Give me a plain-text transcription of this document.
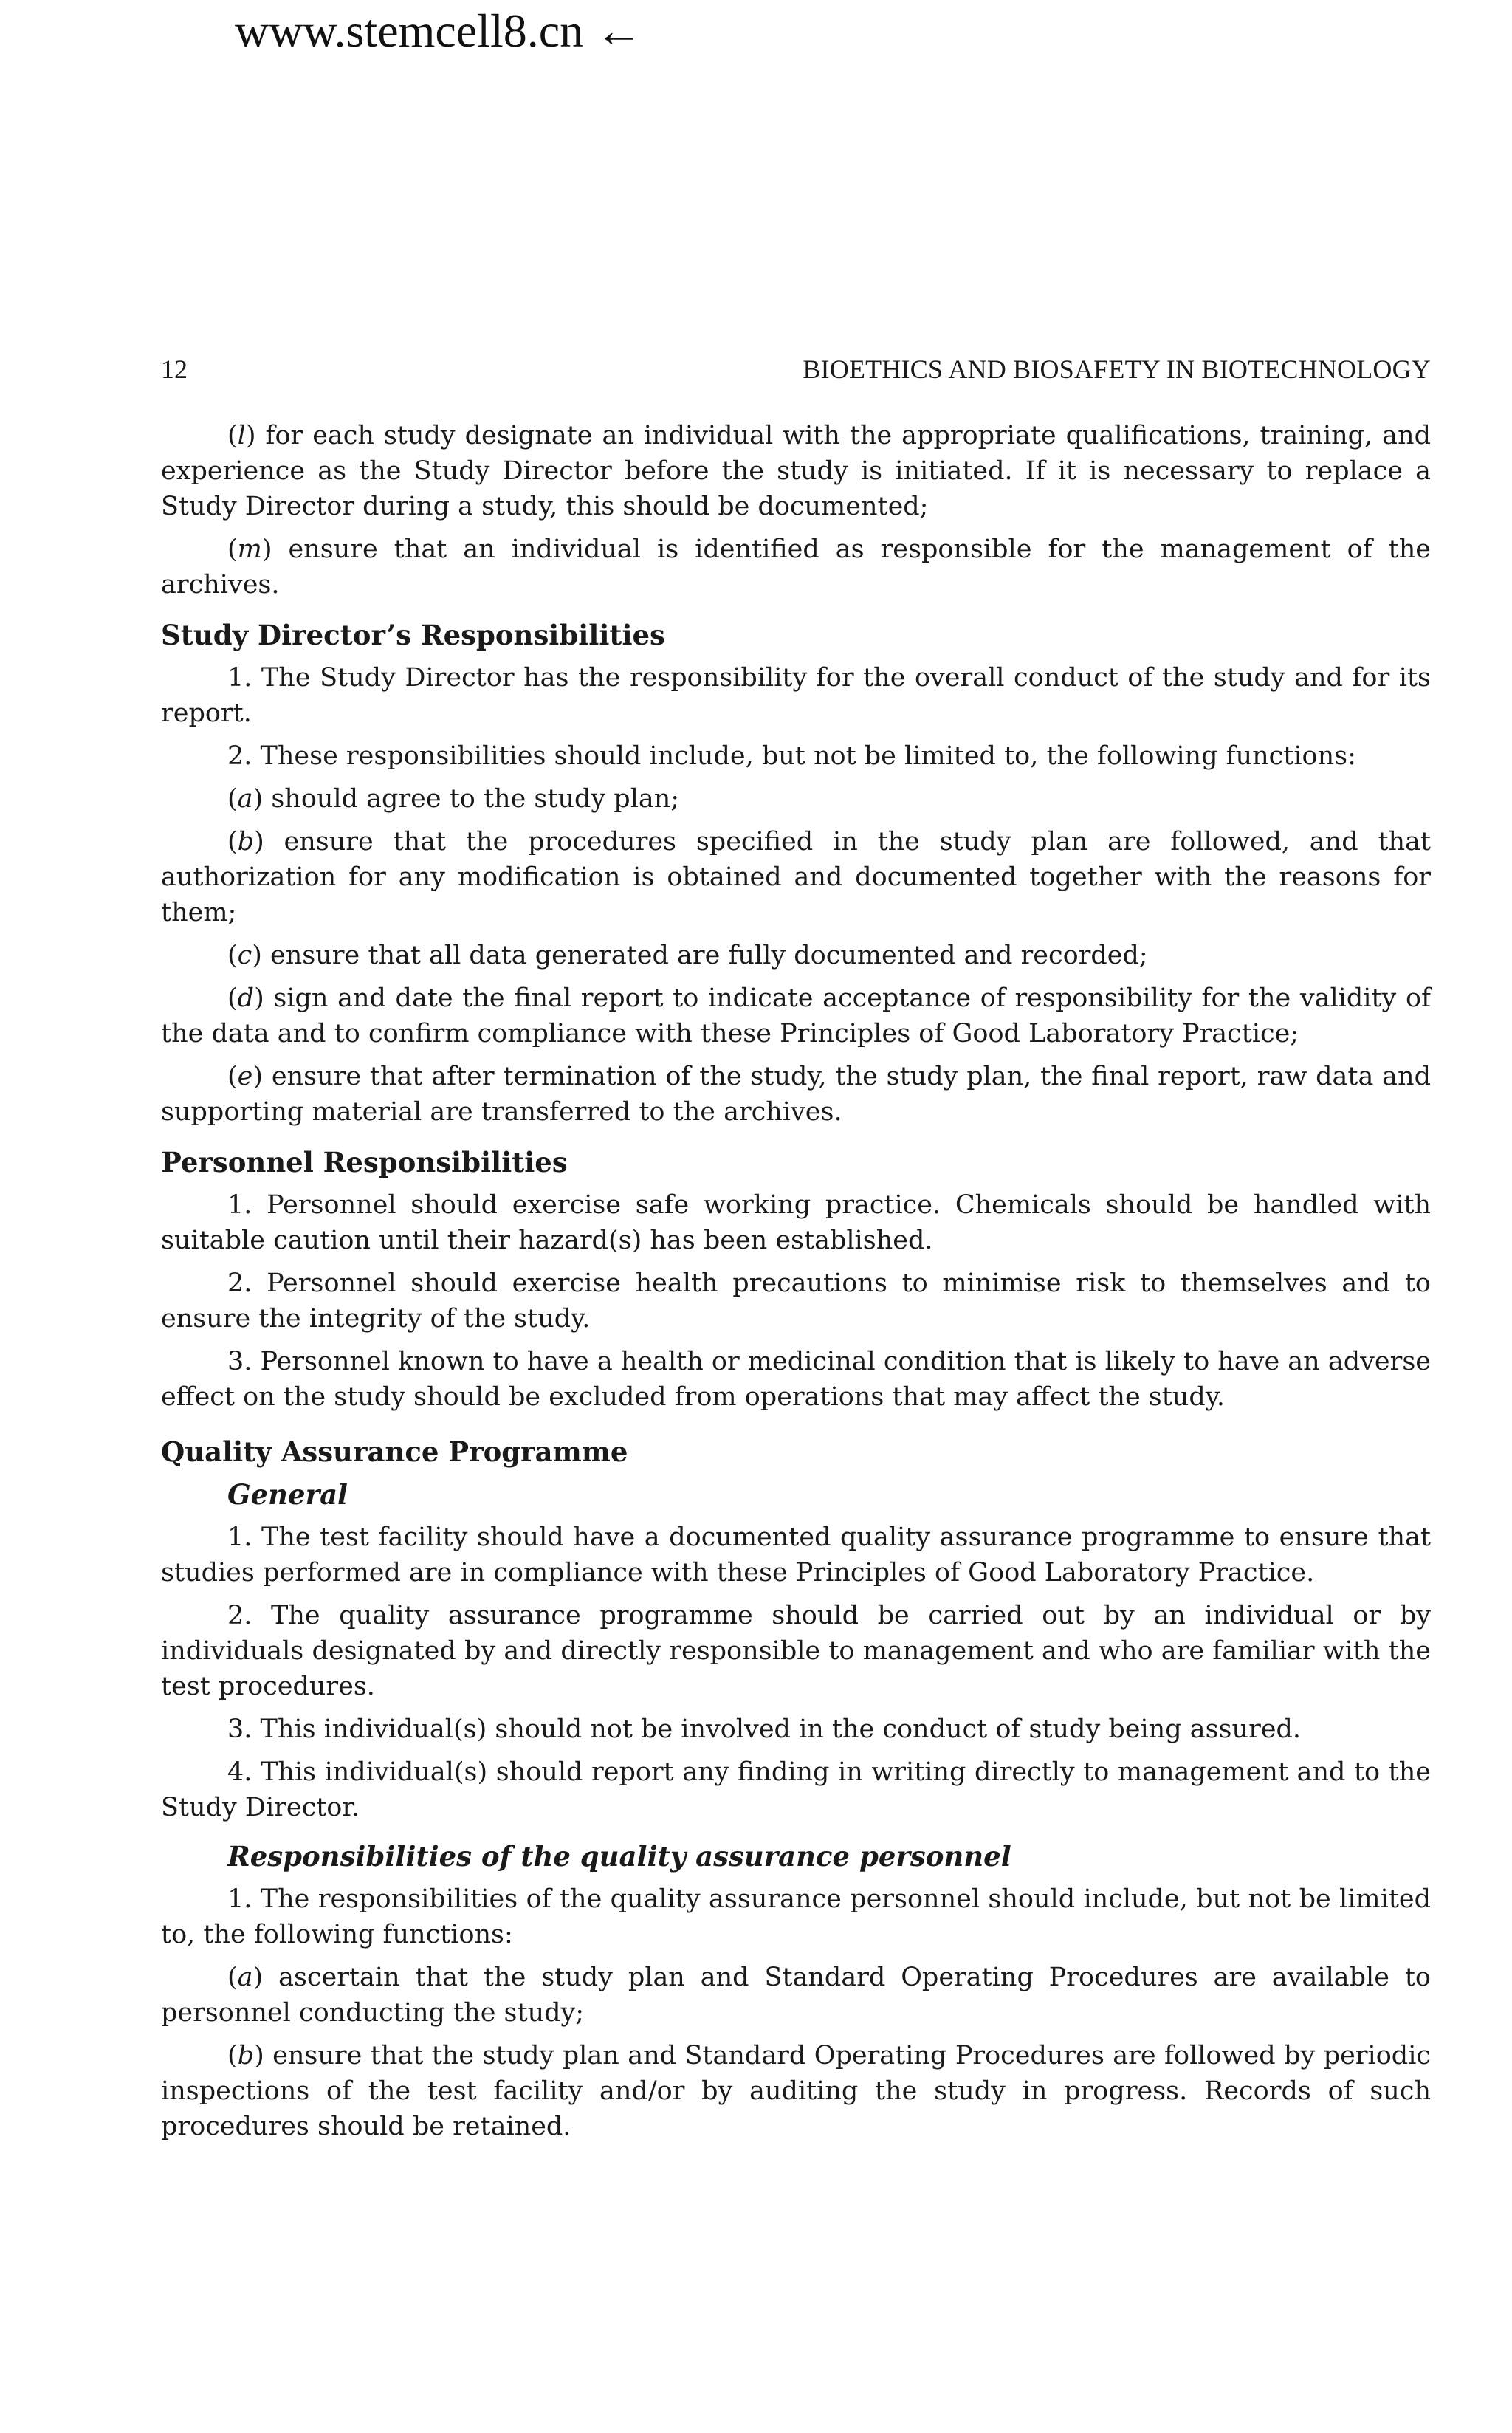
www.stemcell8.cn ←
12	BIOETHICS AND BIOSAFETY IN BIOTECHNOLOGY

(l) for each study designate an individual with the appropriate qualifications, training, and experience as the Study Director before the study is initiated. If it is necessary to replace a Study Director during a study, this should be documented;

(m) ensure that an individual is identified as responsible for the management of the archives.

Study Director’s Responsibilities

1. The Study Director has the responsibility for the overall conduct of the study and for its report.

2. These responsibilities should include, but not be limited to, the following functions:

(a) should agree to the study plan;

(b) ensure that the procedures specified in the study plan are followed, and that authorization for any modification is obtained and documented together with the reasons for them;

(c) ensure that all data generated are fully documented and recorded;

(d) sign and date the final report to indicate acceptance of responsibility for the validity of the data and to confirm compliance with these Principles of Good Laboratory Practice;

(e) ensure that after termination of the study, the study plan, the final report, raw data and supporting material are transferred to the archives.

Personnel Responsibilities

1. Personnel should exercise safe working practice. Chemicals should be handled with suitable caution until their hazard(s) has been established.

2. Personnel should exercise health precautions to minimise risk to themselves and to ensure the integrity of the study.

3. Personnel known to have a health or medicinal condition that is likely to have an adverse effect on the study should be excluded from operations that may affect the study.

Quality Assurance Programme
General

1. The test facility should have a documented quality assurance programme to ensure that studies performed are in compliance with these Principles of Good Laboratory Practice.

2. The quality assurance programme should be carried out by an individual or by individuals designated by and directly responsible to management and who are familiar with the test procedures.

3. This individual(s) should not be involved in the conduct of study being assured.

4. This individual(s) should report any finding in writing directly to management and to the Study Director.

Responsibilities of the quality assurance personnel

1. The responsibilities of the quality assurance personnel should include, but not be limited to, the following functions:

(a) ascertain that the study plan and Standard Operating Procedures are available to personnel conducting the study;

(b) ensure that the study plan and Standard Operating Procedures are followed by periodic inspections of the test facility and/or by auditing the study in progress. Records of such procedures should be retained.
